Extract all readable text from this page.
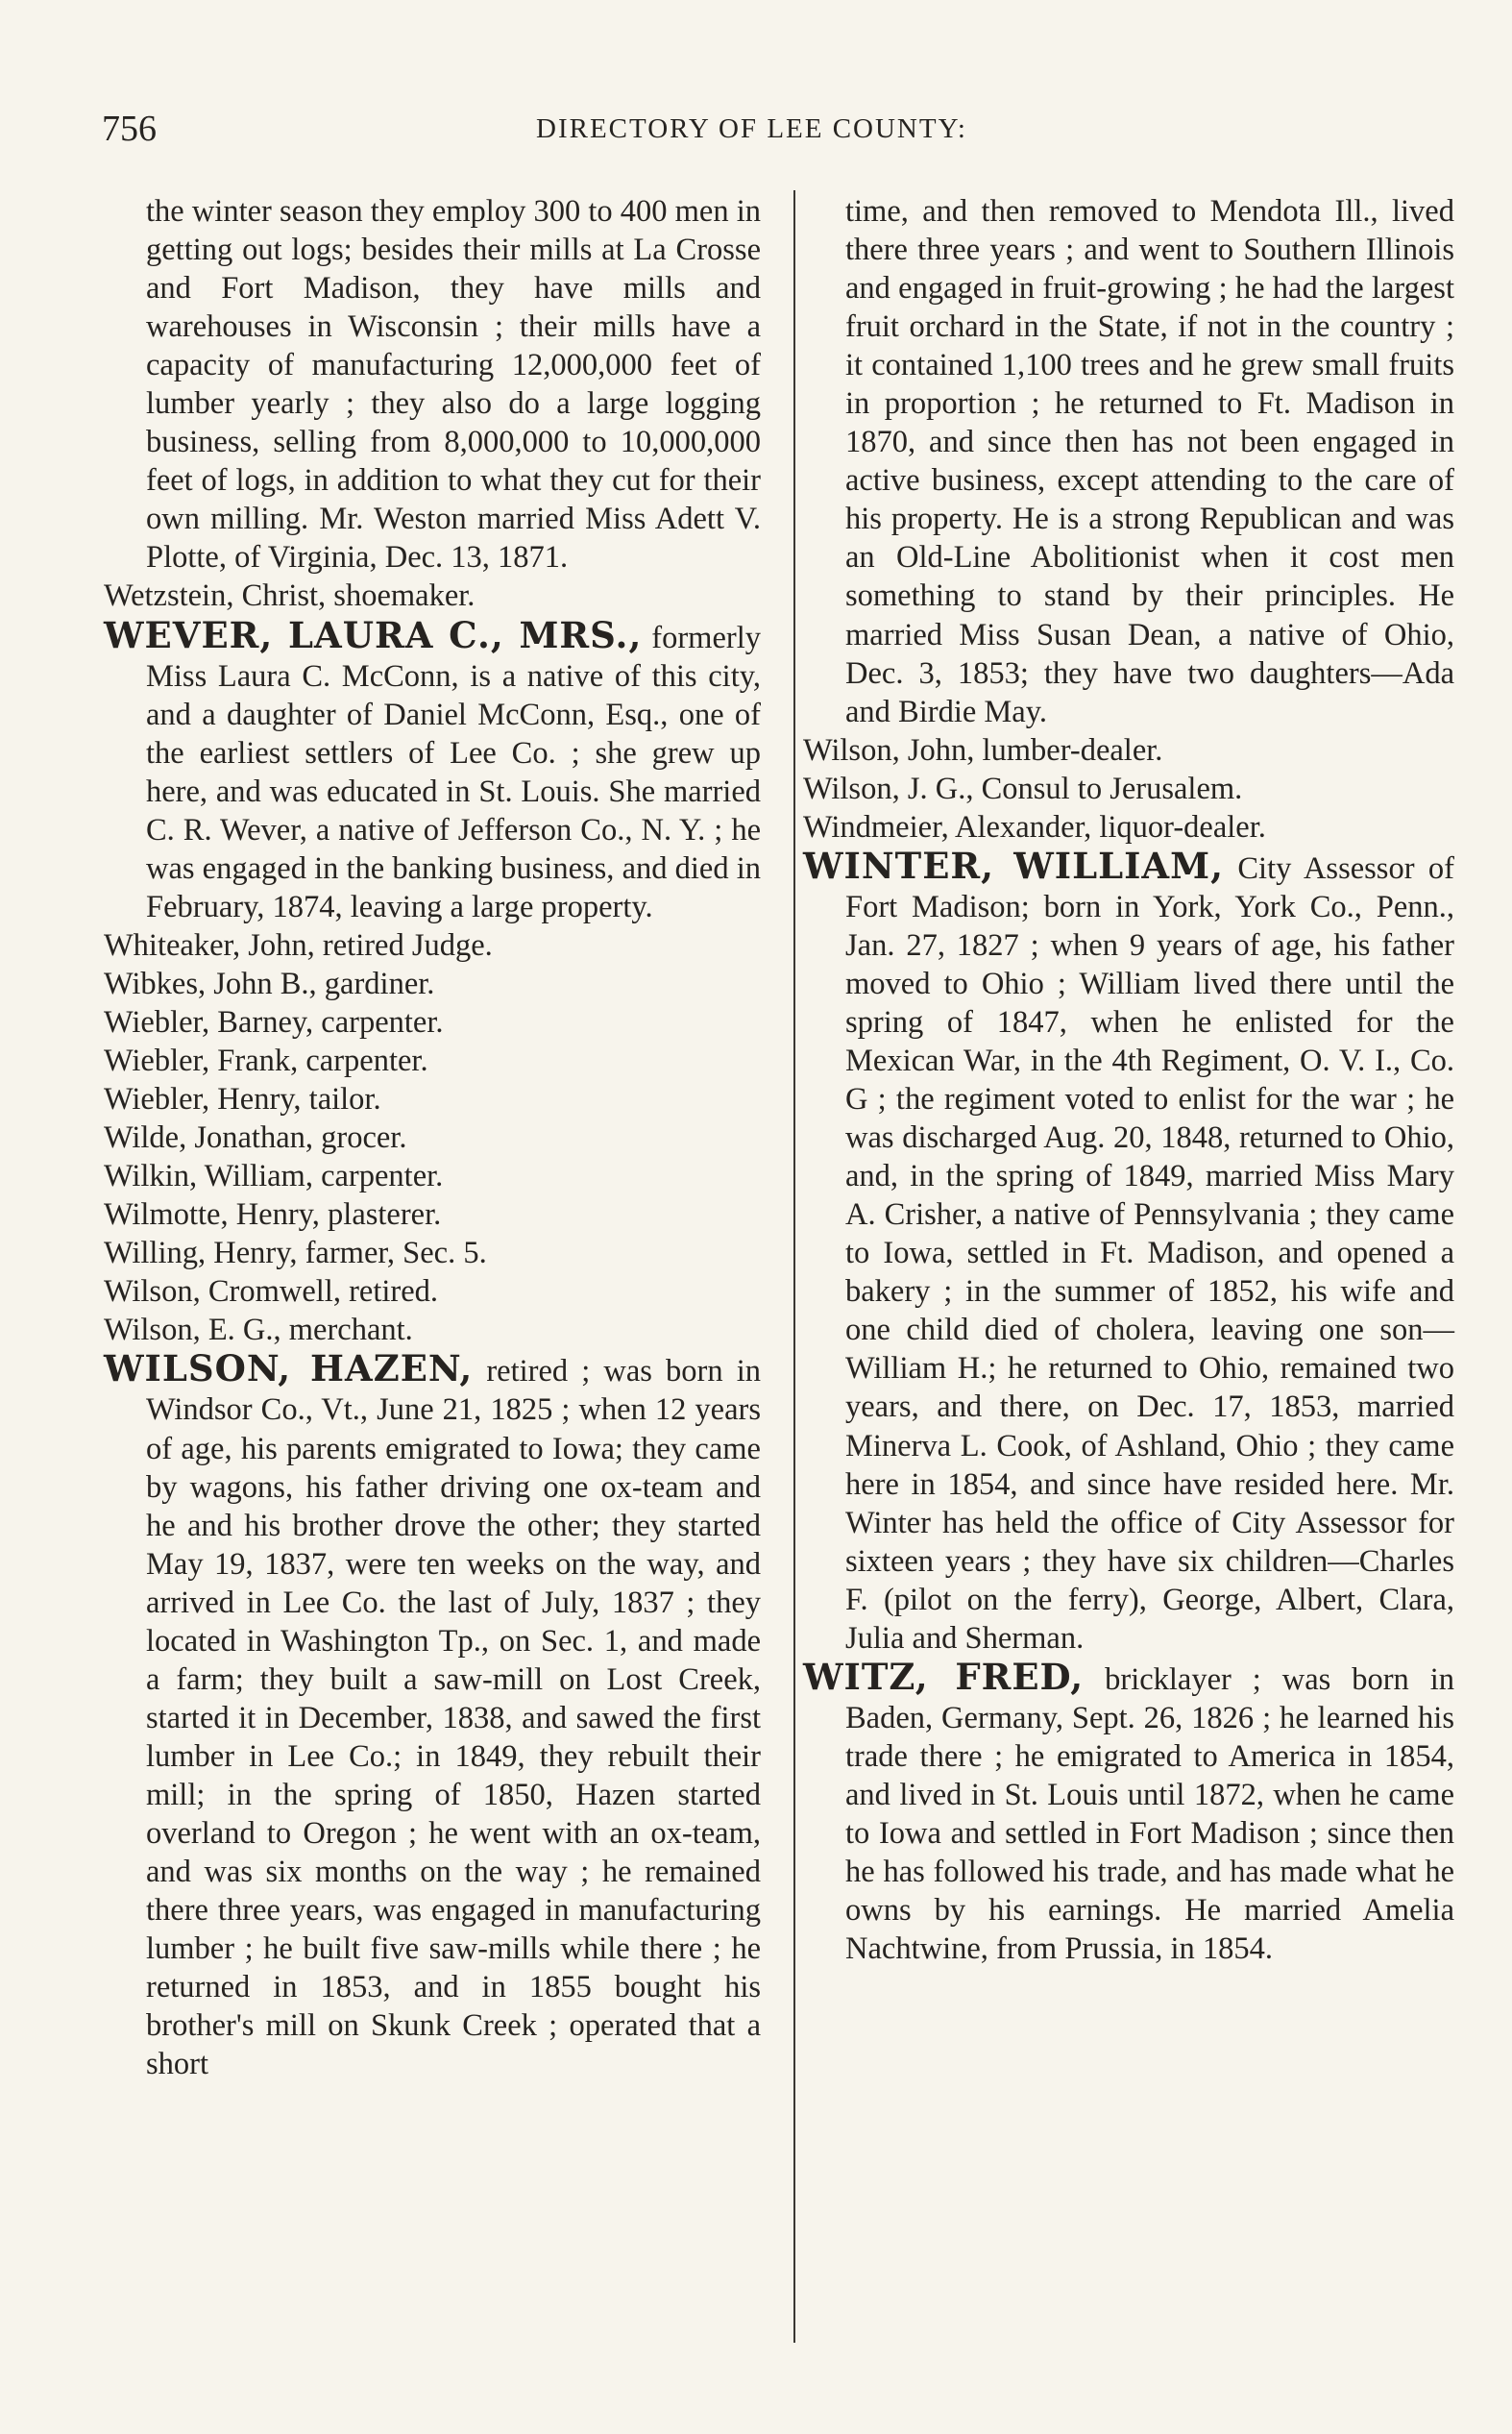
756	DIRECTORY OF LEE COUNTY:

the winter season they employ 300 to 400 men in getting out logs; besides their mills at La Crosse and Fort Madison, they have mills and warehouses in Wisconsin ; their mills have a capacity of manufacturing 12,000,000 feet of lumber yearly ; they also do a large logging business, selling from 8,000,000 to 10,000,000 feet of logs, in addition to what they cut for their own milling. Mr. Weston married Miss Adett V. Plotte, of Virginia, Dec. 13, 1871.

Wetzstein, Christ, shoemaker.

WEVER, LAURA C., MRS., formerly Miss Laura C. McConn, is a native of this city, and a daughter of Daniel McConn, Esq., one of the earliest settlers of Lee Co. ; she grew up here, and was educated in St. Louis. She married C. R. Wever, a native of Jefferson Co., N. Y. ; he was engaged in the banking business, and died in February, 1874, leaving a large property.

Whiteaker, John, retired Judge.

Wibkes, John B., gardiner.

Wiebler, Barney, carpenter.

Wiebler, Frank, carpenter.

Wiebler, Henry, tailor.

Wilde, Jonathan, grocer.

Wilkin, William, carpenter.

Wilmotte, Henry, plasterer.

Willing, Henry, farmer, Sec. 5.

Wilson, Cromwell, retired.

Wilson, E. G., merchant.

WILSON, HAZEN, retired ; was born in Windsor Co., Vt., June 21, 1825 ; when 12 years of age, his parents emigrated to Iowa; they came by wagons, his father driving one ox-team and he and his brother drove the other; they started May 19, 1837, were ten weeks on the way, and arrived in Lee Co. the last of July, 1837 ; they located in Washington Tp., on Sec. 1, and made a farm; they built a saw-mill on Lost Creek, started it in December, 1838, and sawed the first lumber in Lee Co.; in 1849, they rebuilt their mill; in the spring of 1850, Hazen started overland to Oregon ; he went with an ox-team, and was six months on the way ; he remained there three years, was engaged in manufacturing lumber ; he built five saw-mills while there ; he returned in 1853, and in 1855 bought his brother's mill on Skunk Creek ; operated that a short

time, and then removed to Mendota Ill., lived there three years ; and went to Southern Illinois and engaged in fruit-growing ; he had the largest fruit orchard in the State, if not in the country ; it contained 1,100 trees and he grew small fruits in proportion ; he returned to Ft. Madison in 1870, and since then has not been engaged in active business, except attending to the care of his property. He is a strong Republican and was an Old-Line Abolitionist when it cost men something to stand by their principles. He married Miss Susan Dean, a native of Ohio, Dec. 3, 1853; they have two daughters—Ada and Birdie May.

Wilson, John, lumber-dealer.

Wilson, J. G., Consul to Jerusalem.

Windmeier, Alexander, liquor-dealer.

WINTER, WILLIAM, City Assessor of Fort Madison; born in York, York Co., Penn., Jan. 27, 1827 ; when 9 years of age, his father moved to Ohio ; William lived there until the spring of 1847, when he enlisted for the Mexican War, in the 4th Regiment, O. V. I., Co. G ; the regiment voted to enlist for the war ; he was discharged Aug. 20, 1848, returned to Ohio, and, in the spring of 1849, married Miss Mary A. Crisher, a native of Pennsylvania ; they came to Iowa, settled in Ft. Madison, and opened a bakery ; in the summer of 1852, his wife and one child died of cholera, leaving one son—William H.; he returned to Ohio, remained two years, and there, on Dec. 17, 1853, married Minerva L. Cook, of Ashland, Ohio ; they came here in 1854, and since have resided here. Mr. Winter has held the office of City Assessor for sixteen years ; they have six children—Charles F. (pilot on the ferry), George, Albert, Clara, Julia and Sherman.

WITZ, FRED, bricklayer ; was born in Baden, Germany, Sept. 26, 1826 ; he learned his trade there ; he emigrated to America in 1854, and lived in St. Louis until 1872, when he came to Iowa and settled in Fort Madison ; since then he has followed his trade, and has made what he owns by his earnings. He married Amelia Nachtwine, from Prussia, in 1854.
